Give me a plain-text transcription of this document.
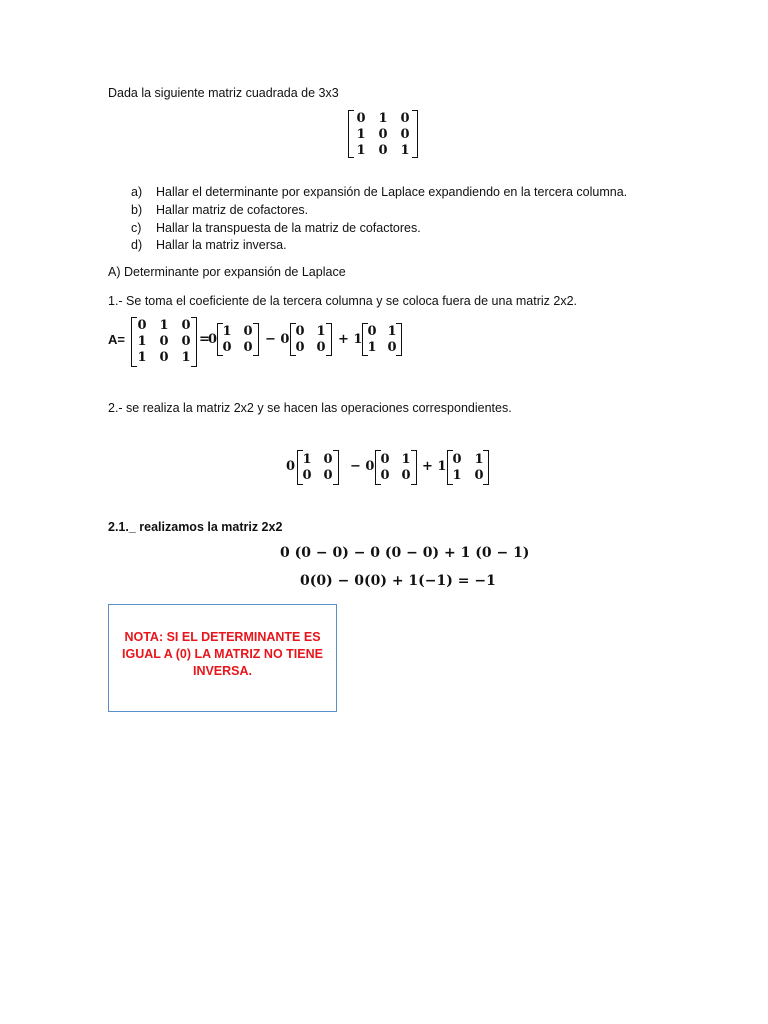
Dada la siguiente matriz cuadrada de 3x3
0 1 0
1 0 0
1 0 1
a) Hallar el determinante por expansión de Laplace expandiendo en la tercera columna.
b) Hallar matriz de cofactores.
c) Hallar la transpuesta de la matriz de cofactores.
d) Hallar la matriz inversa.
A) Determinante por expansión de Laplace
1.- Se toma el coeficiente de la tercera columna y se coloca fuera de una matriz 2x2.
A=
0 1 0
1 0 0
1 0 1
=
0
1 0
0 0
− 0
0 1
0 0
+ 1
0 1
1 0
2.- se realiza la matriz 2x2 y se hacen las operaciones correspondientes.
0 1 0
0 0
− 0 0 1
0 0
+ 1 0 1
1 0
2.1._ realizamos la matriz 2x2
0 (0 − 0) − 0 (0 − 0) + 1 (0 − 1)
0(0) − 0(0) + 1(−1) = −1
NOTA: SI EL DETERMINANTE ES
IGUAL A (0) LA MATRIZ NO TIENE
INVERSA.
